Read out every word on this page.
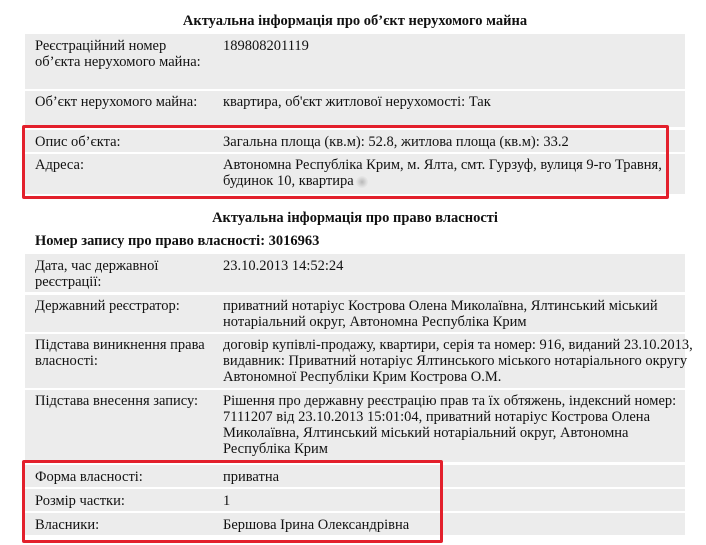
Актуальна інформація про об’єкт нерухомого майна
Реєстраційний номер об’єкта нерухомого майна:
189808201119
Об’єкт нерухомого майна:	квартира, об'єкт житлової нерухомості: Так
Опис об’єкта:	Загальна площа (кв.м): 52.8, житлова площа (кв.м): 33.2
Адреса:	Автономна Республіка Крим, м. Ялта, смт. Гурзуф, вулиця 9-го Травня, будинок 10, квартира
Актуальна інформація про право власності
Номер запису про право власності: 3016963
Дата, час державної реєстрації:
23.10.2013 14:52:24
Державний реєстратор:	приватний нотаріус Кострова Олена Миколаївна, Ялтинський міський нотаріальний округ, Автономна Республіка Крим
Підстава виникнення права власності:
договір купівлі-продажу, квартири, серія та номер: 916, виданий 23.10.2013, видавник: Приватний нотаріус Ялтинського міського нотаріального округу Автономної Республіки Крим Кострова О.М.
Підстава внесення запису:	Рішення про державну реєстрацію прав та їх обтяжень, індексний номер: 7111207 від 23.10.2013 15:01:04, приватний нотаріус Кострова Олена Миколаївна, Ялтинський міський нотаріальний округ, Автономна Республіка Крим
Форма власності:	приватна
Розмір частки:	1
Власники:	Бершова Ірина Олександрівна
